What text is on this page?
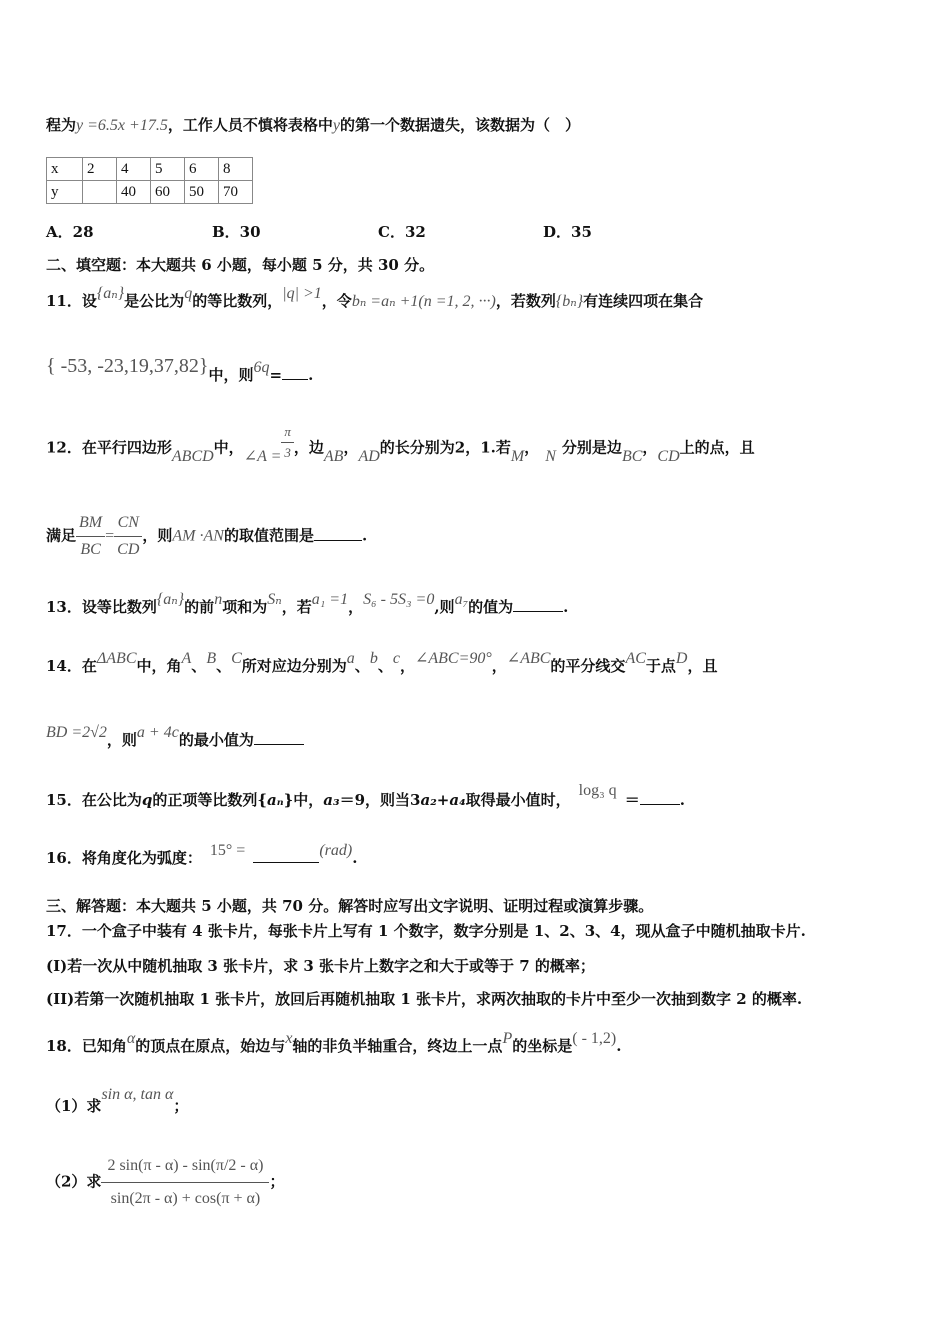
程为y =6.5x +17.5，工作人员不慎将表格中y的第一个数据遗失，该数据为（　）
x	2	4	5	6	8
y		40	60	50	70
A．28	B．30	C．32	D．35
二、填空题：本大题共 6 小题，每小题 5 分，共 30 分。
11．设{aₙ}是公比为q的等比数列，|q| >1，令bₙ =aₙ +1(n =1, 2, ···)，若数列{bₙ}有连续四项在集合
{ -53, -23,19,37,82}中，则6q= .
12．在平行四边形ABCD中，∠A = $\frac{\pi}{3}$ ，边AB，AD的长分别为2，1.若M， N 分别是边BC，CD上的点，且
满足 $\frac{BM}{BC} = \frac{CN}{CD}$ ，则AM ·AN的取值范围是	.
13．设等比数列{aₙ}的前n项和为Sₙ，若a₁ =1，S₆ - 5S₃ =0,则a₇的值为	.
14．在ΔABC中，角A、B、C所对应边分别为a、b、c，∠ABC=90°，∠ABC的平分线交AC于点D，且
BD =2√2，则a + 4c的最小值为
15．在公比为q的正项等比数列{aₙ}中，a₃＝9，则当3a₂+a₄取得最小值时，log₃ q＝	.
16．将角度化为弧度： 15° =	(rad).
三、解答题：本大题共 5 小题，共 70 分。解答时应写出文字说明、证明过程或演算步骤。
17．一个盒子中装有 4 张卡片，每张卡片上写有 1 个数字，数字分别是 1、2、3、4，现从盒子中随机抽取卡片.
(I)若一次从中随机抽取 3 张卡片，求 3 张卡片上数字之和大于或等于 7 的概率；
(II)若第一次随机抽取 1 张卡片，放回后再随机抽取 1 张卡片，求两次抽取的卡片中至少一次抽到数字 2 的概率.
18．已知角α的顶点在原点，始边与x轴的非负半轴重合，终边上一点P的坐标是( - 1,2).
（1）求sin α, tan α；
（2）求 $\frac{2 \sin(\pi - \alpha) - \sin(\pi/2 - \alpha)}{\sin(2\pi - \alpha) + \cos(\pi + \alpha)}$ ；
